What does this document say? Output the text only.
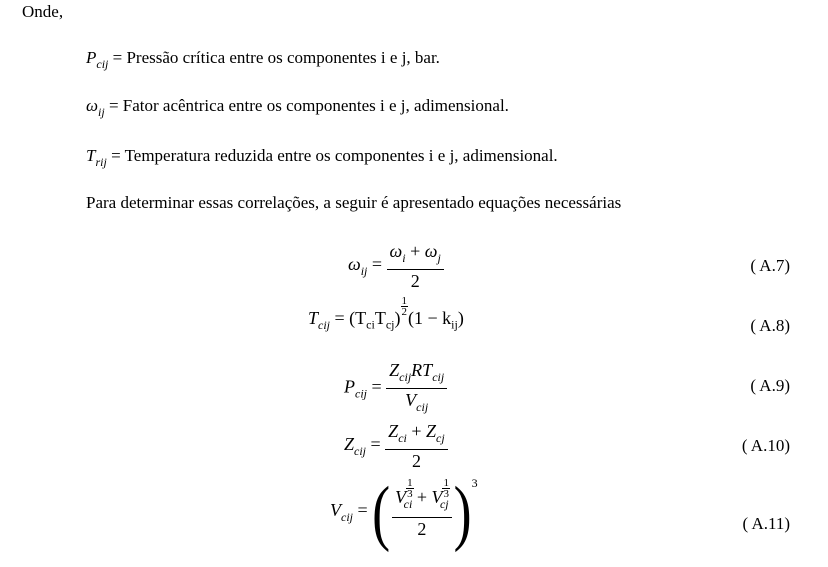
Onde,
$P_{cij}$ = Pressão crítica entre os componentes i e j, bar.
$\omega_{ij}$ = Fator acêntrica entre os componentes i e j, adimensional.
$T_{rij}$ = Temperatura reduzida entre os componentes i e j, adimensional.
Para determinar essas correlações, a seguir é apresentado equações necessárias
$\omega_{ij} = \frac{\omega_i + \omega_j}{2}$	( A.7)
$T_{cij} = (T_{ci}T_{cj})$
$\frac{1}{2}$
$(1 - k_{ij})$	( A.8)
$P_{cij} = \frac{Z_{cij}RT_{cij}}{V_{cij}}$	( A.9)
$Z_{cij} = \frac{Z_{ci} + Z_{cj}}{2}$	( A.10)
$V_{cij}$ = ( V $\frac{1}{3}$
$_{ci}$ + V $\frac{1}{3}$
$_{cj}$
2 )$^3$
( A.11)
